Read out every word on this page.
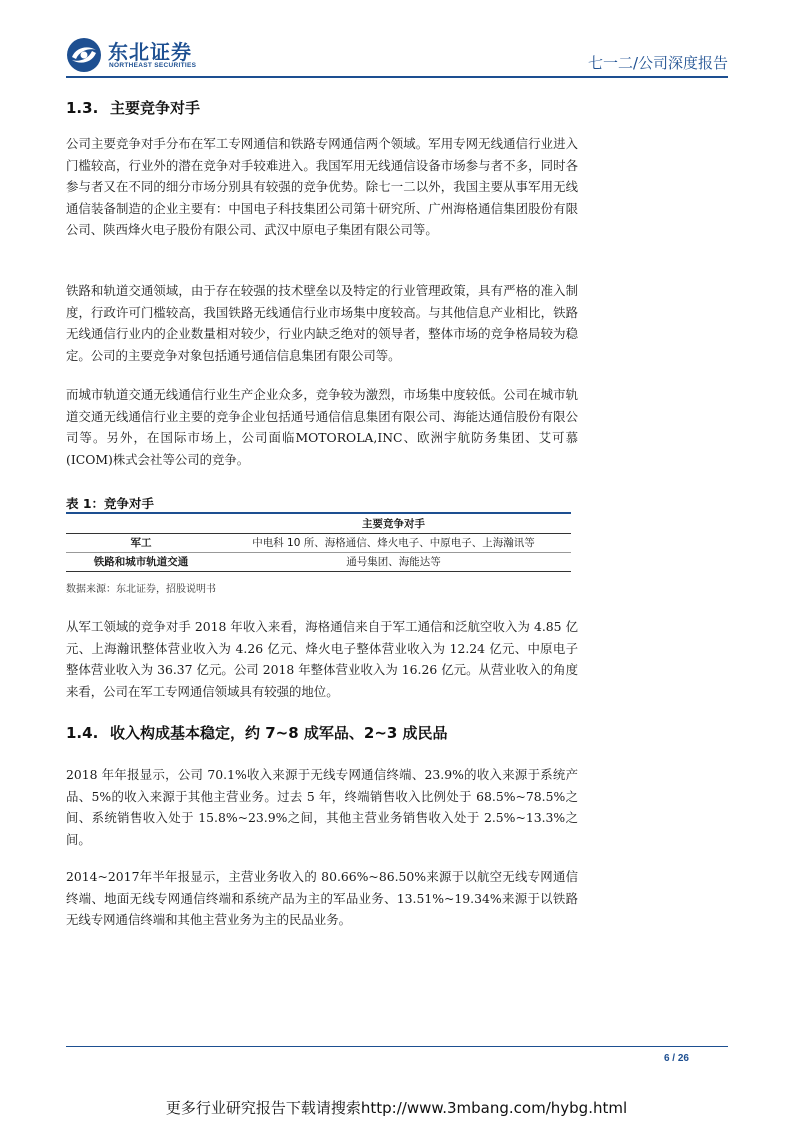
东北证券
NORTHEAST SECURITIES	七一二/公司深度报告
1.3. 主要竞争对手
公司主要竞争对手分布在军工专网通信和铁路专网通信两个领域。军用专网无线通信行业进入门槛较高，行业外的潜在竞争对手较难进入。我国军用无线通信设备市场参与者不多，同时各参与者又在不同的细分市场分别具有较强的竞争优势。除七一二以外，我国主要从事军用无线通信装备制造的企业主要有：中国电子科技集团公司第十研究所、广州海格通信集团股份有限公司、陕西烽火电子股份有限公司、武汉中原电子集团有限公司等。
铁路和轨道交通领域，由于存在较强的技术壁垒以及特定的行业管理政策，具有严格的准入制度，行政许可门槛较高，我国铁路无线通信行业市场集中度较高。与其他信息产业相比，铁路无线通信行业内的企业数量相对较少，行业内缺乏绝对的领导者，整体市场的竞争格局较为稳定。公司的主要竞争对象包括通号通信信息集团有限公司等。
而城市轨道交通无线通信行业生产企业众多，竞争较为激烈，市场集中度较低。公司在城市轨道交通无线通信行业主要的竞争企业包括通号通信信息集团有限公司、海能达通信股份有限公司等。另外，在国际市场上，公司面临MOTOROLA,INC、欧洲宇航防务集团、艾可慕(ICOM)株式会社等公司的竞争。
表 1：竞争对手
	主要竞争对手
军工	中电科 10 所、海格通信、烽火电子、中原电子、上海瀚讯等
铁路和城市轨道交通	通号集团、海能达等
数据来源：东北证券，招股说明书
从军工领域的竞争对手 2018 年收入来看，海格通信来自于军工通信和泛航空收入为 4.85 亿元、上海瀚讯整体营业收入为 4.26 亿元、烽火电子整体营业收入为 12.24 亿元、中原电子整体营业收入为 36.37 亿元。公司 2018 年整体营业收入为 16.26 亿元。从营业收入的角度来看，公司在军工专网通信领域具有较强的地位。
1.4. 收入构成基本稳定，约 7~8 成军品、2~3 成民品
2018 年年报显示，公司 70.1%收入来源于无线专网通信终端、23.9%的收入来源于系统产品、5%的收入来源于其他主营业务。过去 5 年，终端销售收入比例处于 68.5%~78.5%之间、系统销售收入处于 15.8%~23.9%之间，其他主营业务销售收入处于 2.5%~13.3%之间。
2014~2017年半年报显示，主营业务收入的 80.66%~86.50%来源于以航空无线专网通信终端、地面无线专网通信终端和系统产品为主的军品业务、13.51%~19.34%来源于以铁路无线专网通信终端和其他主营业务为主的民品业务。
6 / 26
更多行业研究报告下载请搜索http://www.3mbang.com/hybg.html
